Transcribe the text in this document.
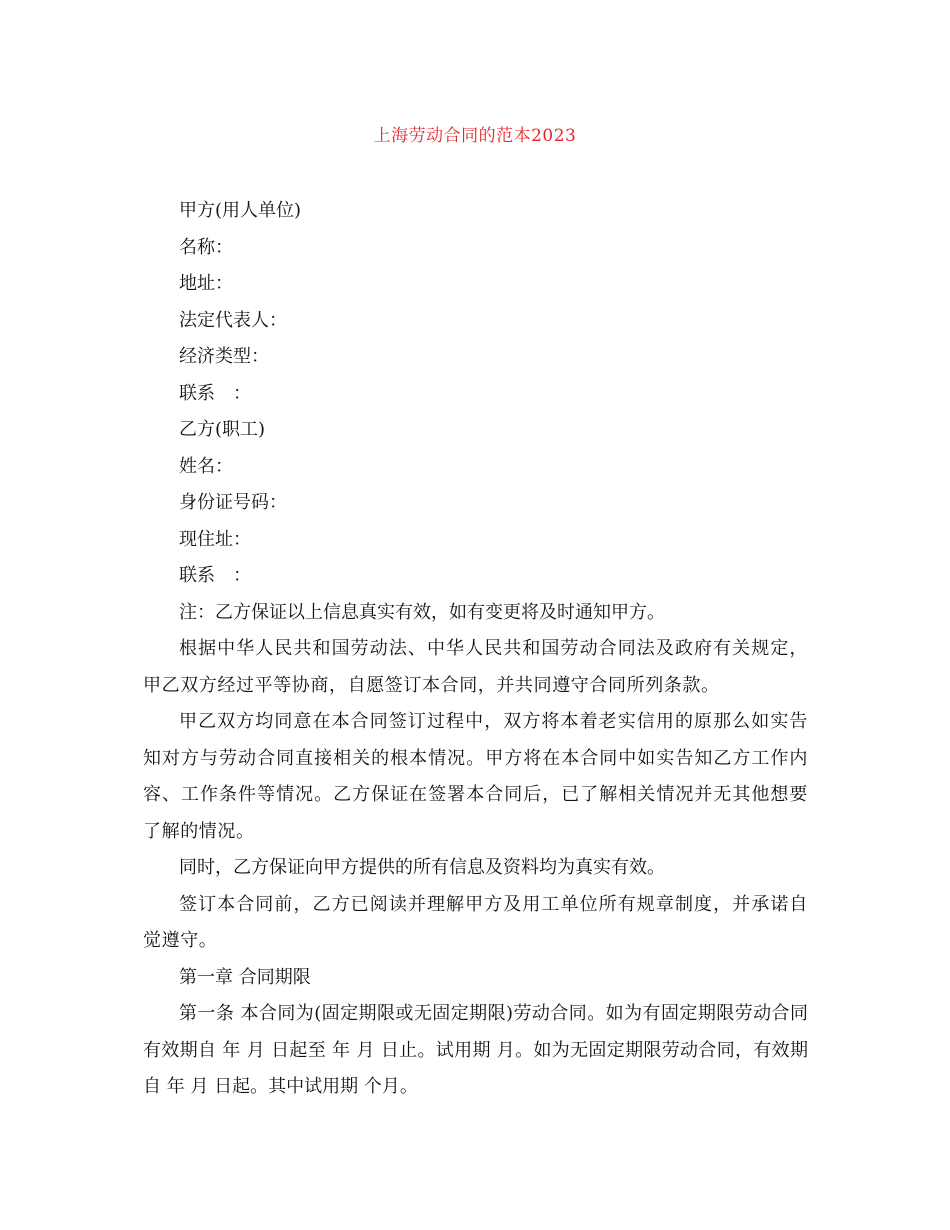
上海劳动合同的范本2023

甲方(用人单位)

名称：

地址：

法定代表人：

经济类型：

联系　：

乙方(职工)

姓名：

身份证号码：

现住址：

联系　：

注：乙方保证以上信息真实有效，如有变更将及时通知甲方。

根据中华人民共和国劳动法、中华人民共和国劳动合同法及政府有关规定，甲乙双方经过平等协商，自愿签订本合同，并共同遵守合同所列条款。

甲乙双方均同意在本合同签订过程中，双方将本着老实信用的原那么如实告知对方与劳动合同直接相关的根本情况。甲方将在本合同中如实告知乙方工作内容、工作条件等情况。乙方保证在签署本合同后，已了解相关情况并无其他想要了解的情况。

同时，乙方保证向甲方提供的所有信息及资料均为真实有效。

签订本合同前，乙方已阅读并理解甲方及用工单位所有规章制度，并承诺自觉遵守。

第一章 合同期限

第一条 本合同为(固定期限或无固定期限)劳动合同。如为有固定期限劳动合同有效期自 年 月 日起至 年 月 日止。试用期 月。如为无固定期限劳动合同，有效期自 年 月 日起。其中试用期 个月。
